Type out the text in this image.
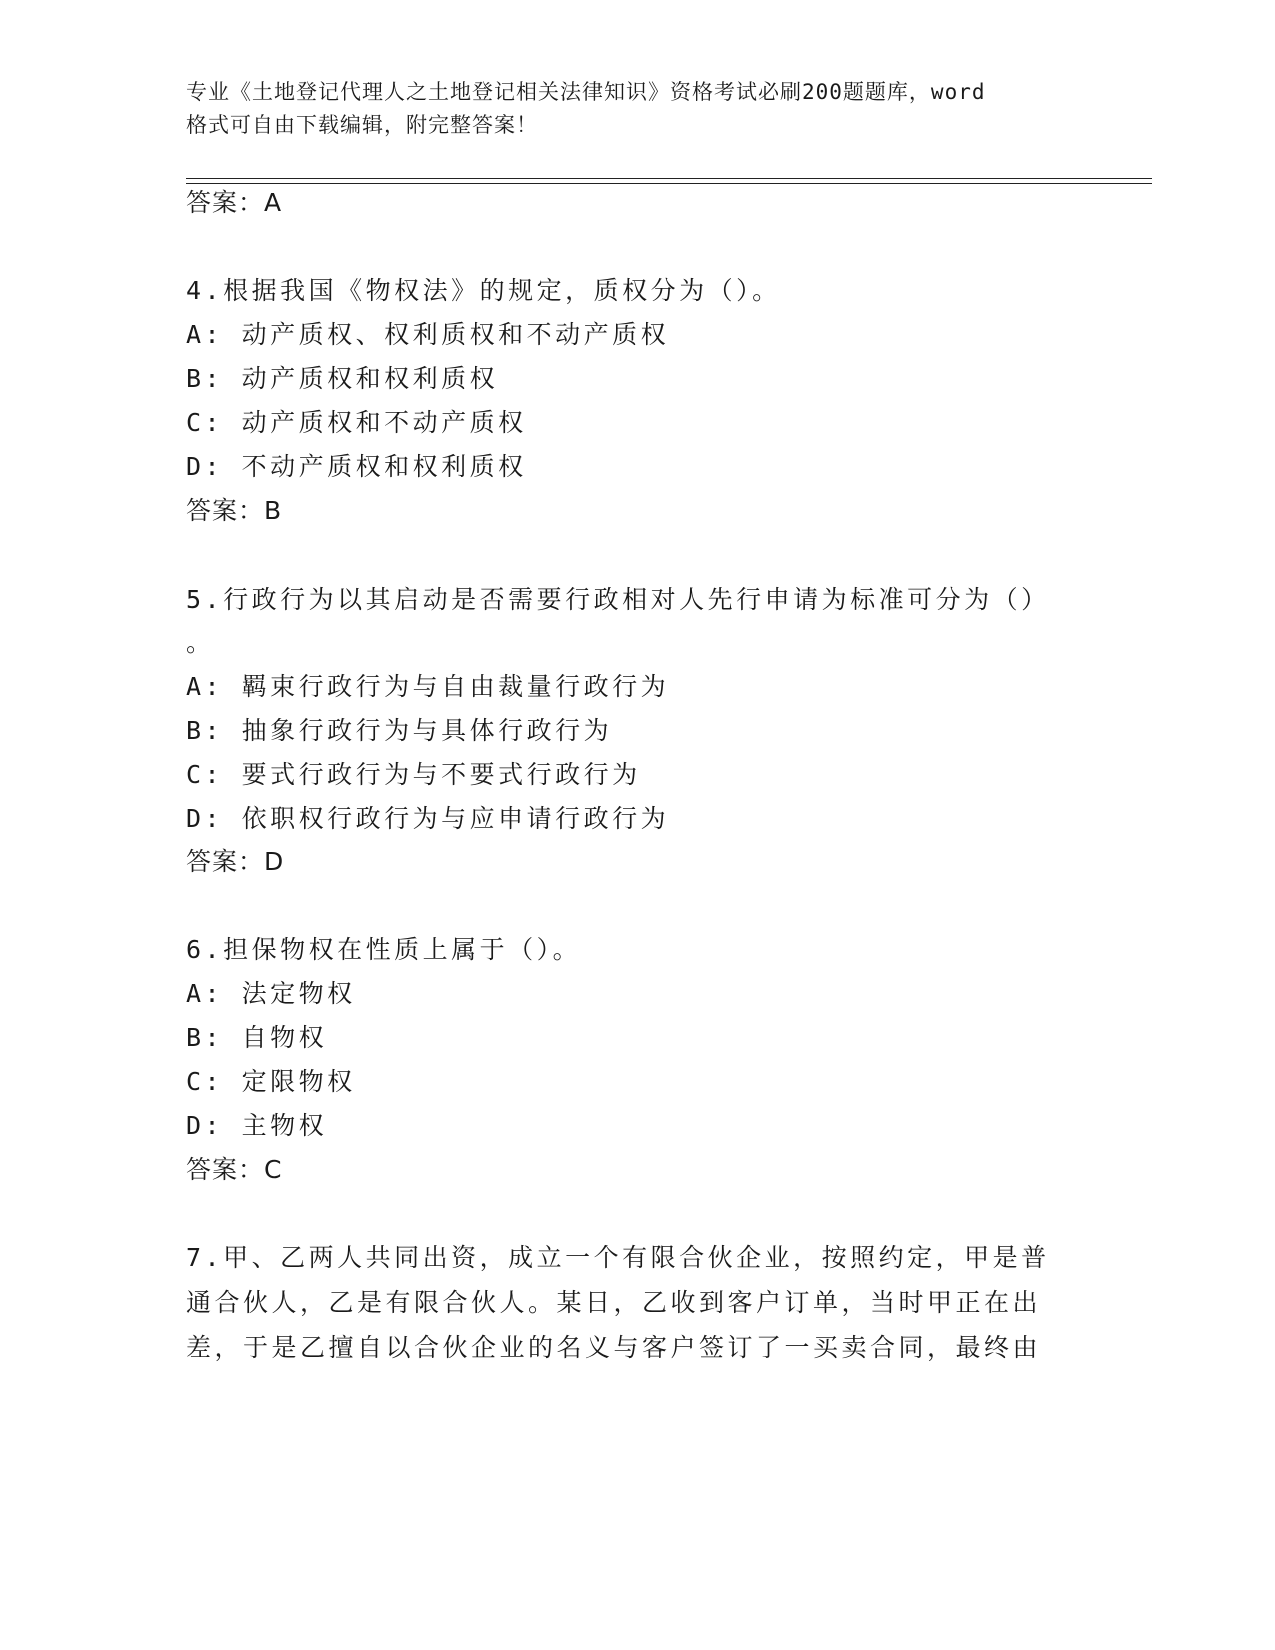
专业《土地登记代理人之土地登记相关法律知识》资格考试必刷200题题库，word
格式可自由下载编辑，附完整答案！
答案：A
4.根据我国《物权法》的规定，质权分为（）。
A: 动产质权、权利质权和不动产质权
B: 动产质权和权利质权
C: 动产质权和不动产质权
D: 不动产质权和权利质权
答案：B
5.行政行为以其启动是否需要行政相对人先行申请为标准可分为（）
。
A: 羁束行政行为与自由裁量行政行为
B: 抽象行政行为与具体行政行为
C: 要式行政行为与不要式行政行为
D: 依职权行政行为与应申请行政行为
答案：D
6.担保物权在性质上属于（）。
A: 法定物权
B: 自物权
C: 定限物权
D: 主物权
答案：C
7.甲、乙两人共同出资，成立一个有限合伙企业，按照约定，甲是普
通合伙人，乙是有限合伙人。某日，乙收到客户订单，当时甲正在出
差，于是乙擅自以合伙企业的名义与客户签订了一买卖合同，最终由
